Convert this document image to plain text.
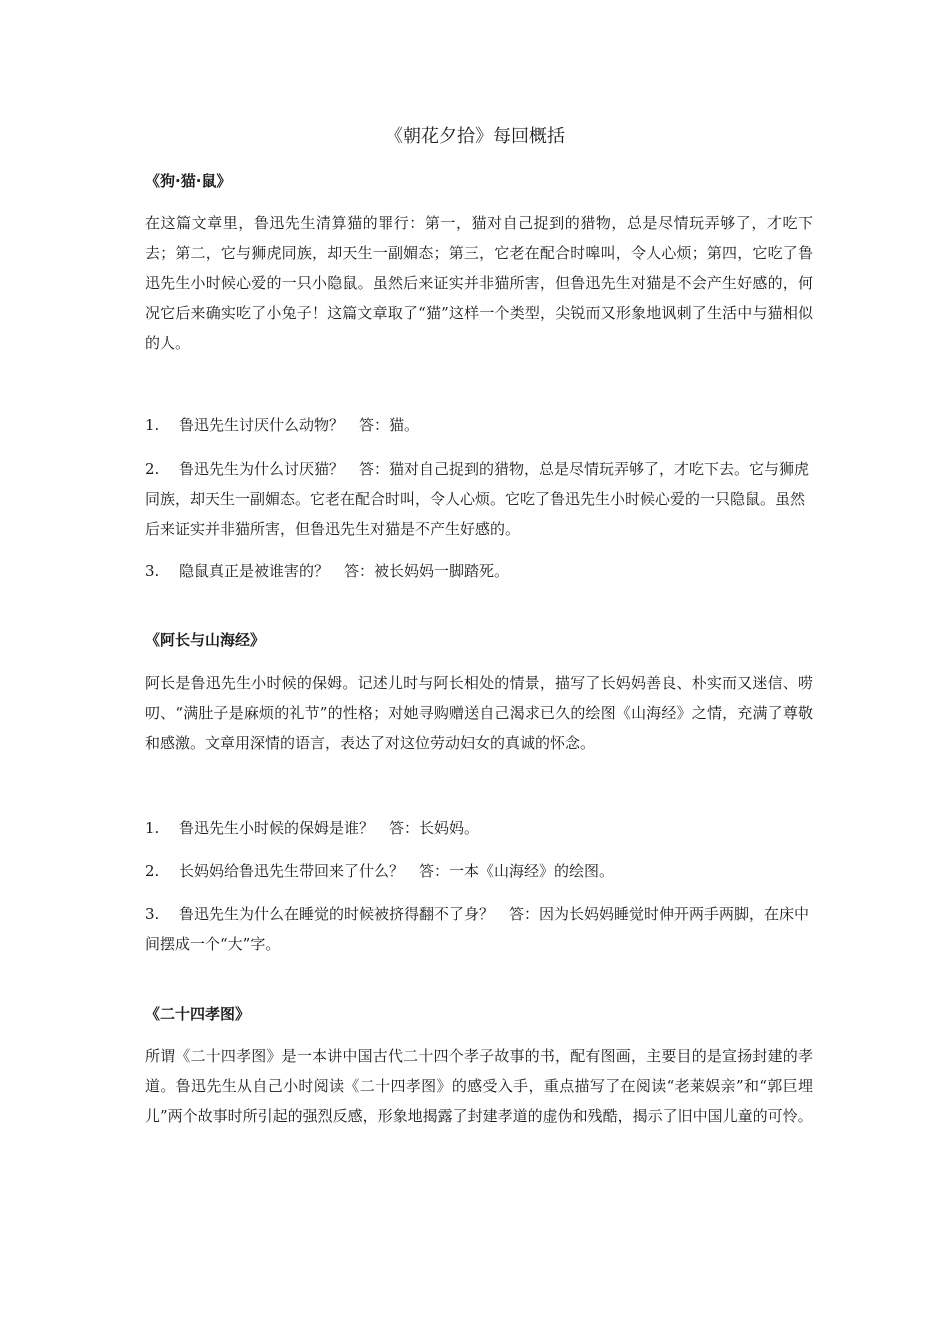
《朝花夕拾》每回概括
《狗·猫·鼠》

在这篇文章里，鲁迅先生清算猫的罪行：第一，猫对自己捉到的猎物，总是尽情玩弄够了，才吃下去；第二，它与狮虎同族，却天生一副媚态；第三，它老在配合时嗥叫，令人心烦；第四，它吃了鲁迅先生小时候心爱的一只小隐鼠。虽然后来证实并非猫所害，但鲁迅先生对猫是不会产生好感的，何况它后来确实吃了小兔子！这篇文章取了“猫”这样一个类型，尖锐而又形象地讽刺了生活中与猫相似的人。

1. 鲁迅先生讨厌什么动物？　答：猫。

2. 鲁迅先生为什么讨厌猫？　答：猫对自己捉到的猎物，总是尽情玩弄够了，才吃下去。它与狮虎同族，却天生一副媚态。它老在配合时叫，令人心烦。它吃了鲁迅先生小时候心爱的一只隐鼠。虽然后来证实并非猫所害，但鲁迅先生对猫是不产生好感的。

3. 隐鼠真正是被谁害的？　答：被长妈妈一脚踏死。

《阿长与山海经》

阿长是鲁迅先生小时候的保姆。记述儿时与阿长相处的情景，描写了长妈妈善良、朴实而又迷信、唠叨、“满肚子是麻烦的礼节”的性格；对她寻购赠送自己渴求已久的绘图《山海经》之情，充满了尊敬和感激。文章用深情的语言，表达了对这位劳动妇女的真诚的怀念。

1. 鲁迅先生小时候的保姆是谁？　答：长妈妈。

2. 长妈妈给鲁迅先生带回来了什么？　答：一本《山海经》的绘图。

3. 鲁迅先生为什么在睡觉的时候被挤得翻不了身？　答：因为长妈妈睡觉时伸开两手两脚，在床中间摆成一个“大”字。

《二十四孝图》

所谓《二十四孝图》是一本讲中国古代二十四个孝子故事的书，配有图画，主要目的是宣扬封建的孝道。鲁迅先生从自己小时阅读《二十四孝图》的感受入手，重点描写了在阅读“老莱娱亲”和“郭巨埋儿”两个故事时所引起的强烈反感，形象地揭露了封建孝道的虚伪和残酷，揭示了旧中国儿童的可怜。
